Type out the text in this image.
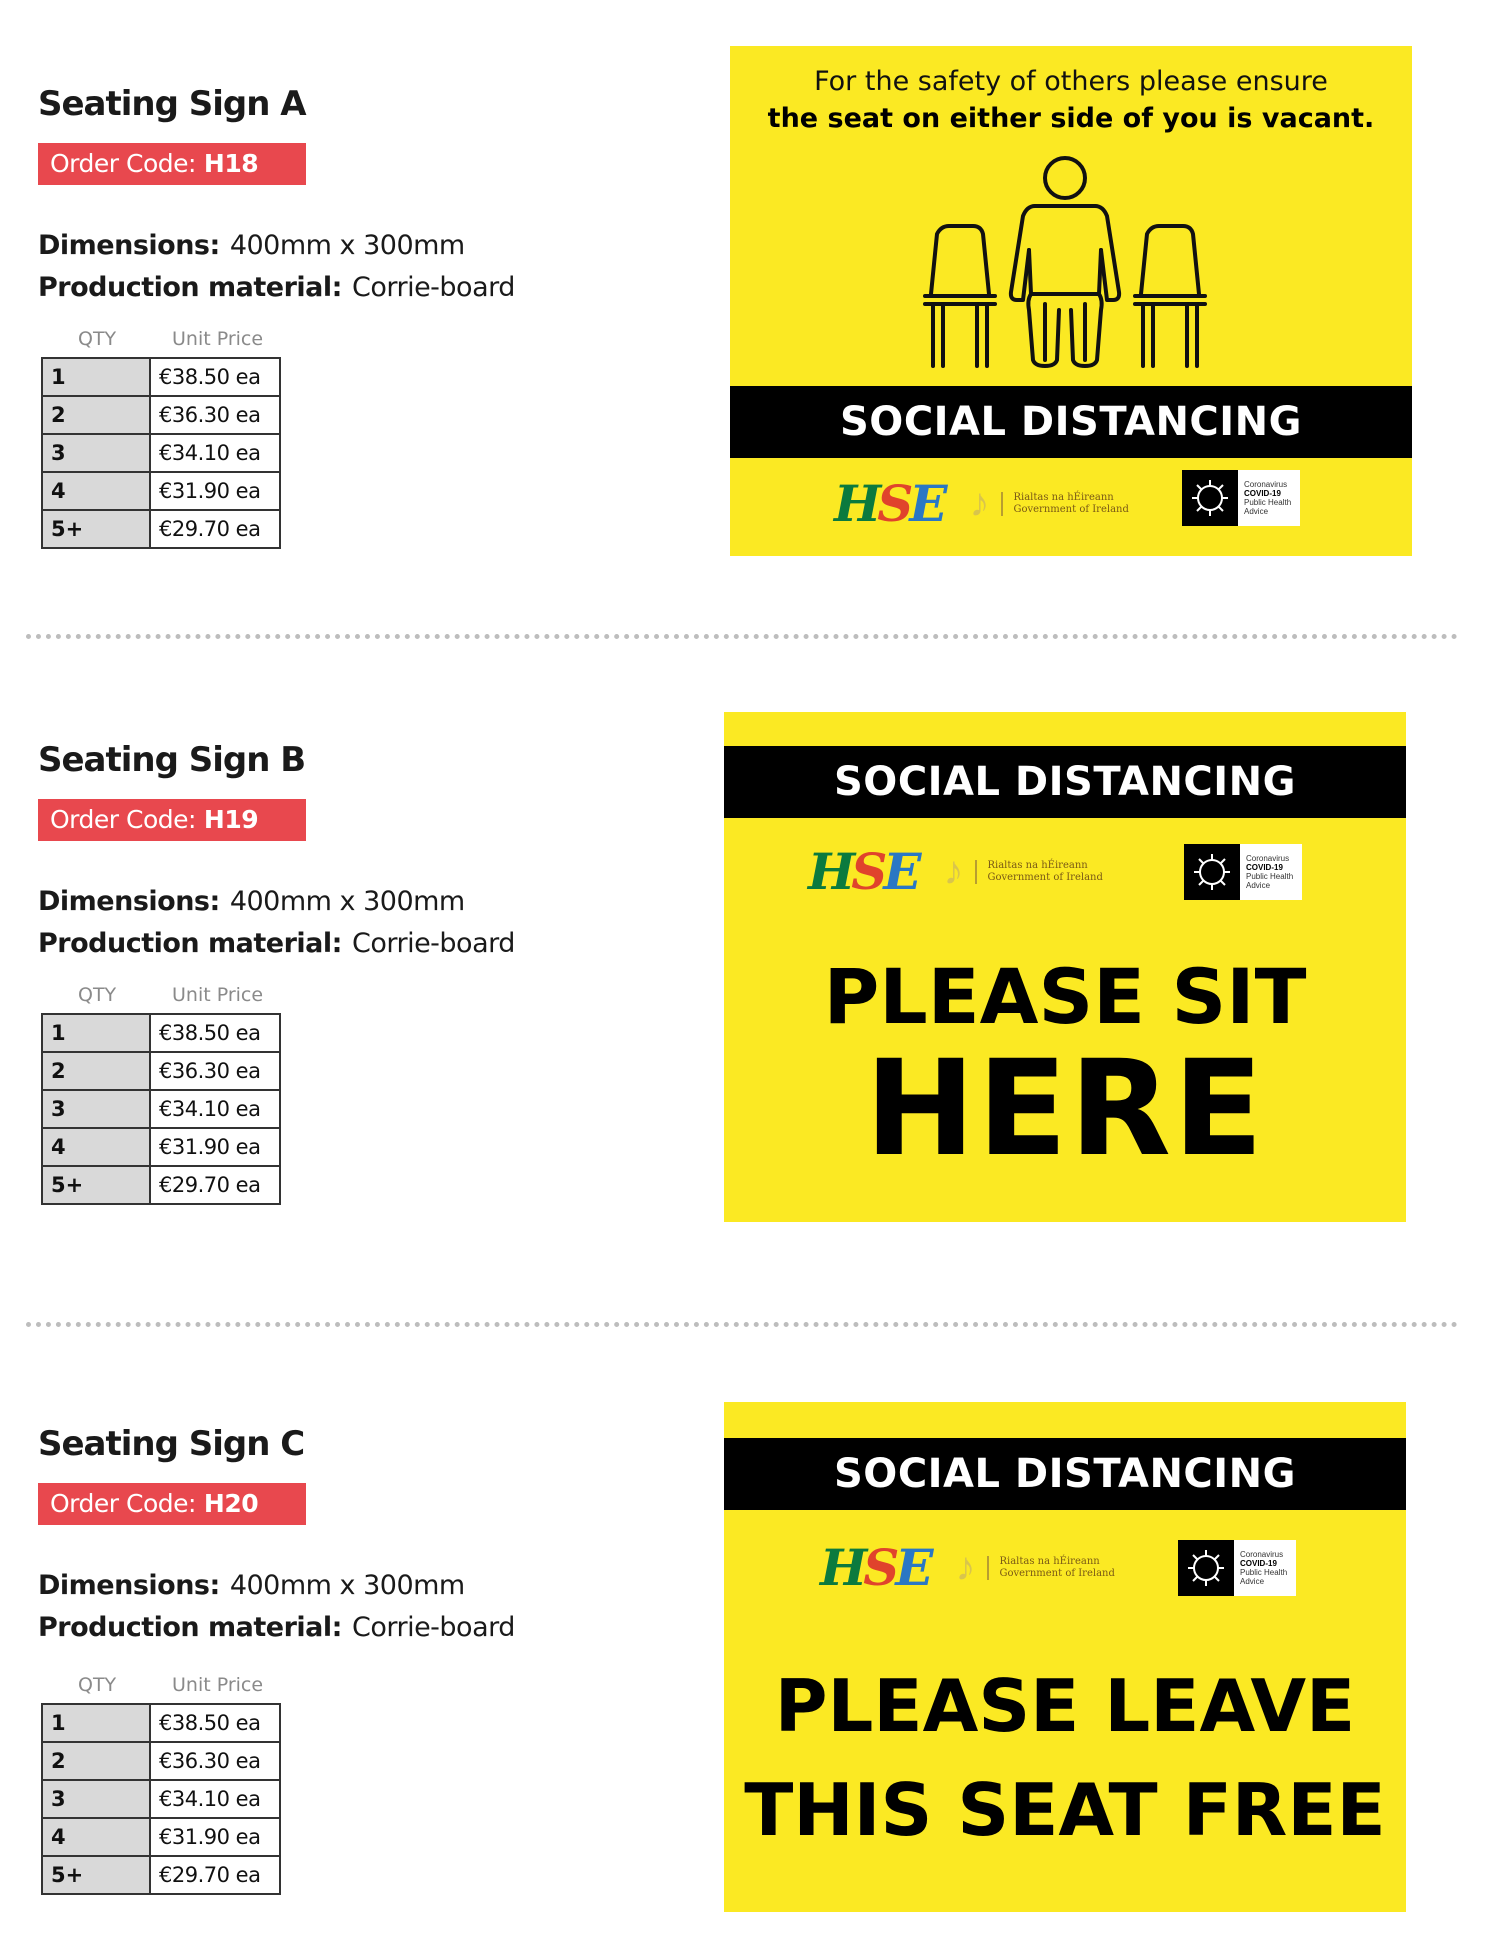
Seating Sign A
Order Code: H18
Dimensions: 400mm x 300mm
Production material: Corrie-board
QTY	Unit Price
1	€38.50 ea
2	€36.30 ea
3	€34.10 ea
4	€31.90 ea
5+	€29.70 ea
For the safety of others please ensure
the seat on either side of you is vacant.
SOCIAL DISTANCING
HSE ♪ Rialtas na hÉireann
Government of Ireland
Coronavirus
COVID-19
Public Health Advice
Seating Sign B
Order Code: H19
Dimensions: 400mm x 300mm
Production material: Corrie-board
QTY	Unit Price
1	€38.50 ea
2	€36.30 ea
3	€34.10 ea
4	€31.90 ea
5+	€29.70 ea
SOCIAL DISTANCING
HSE ♪ Rialtas na hÉireann
Government of Ireland
Coronavirus
COVID-19
Public Health Advice
PLEASE SIT
HERE
Seating Sign C
Order Code: H20
Dimensions: 400mm x 300mm
Production material: Corrie-board
QTY	Unit Price
1	€38.50 ea
2	€36.30 ea
3	€34.10 ea
4	€31.90 ea
5+	€29.70 ea
SOCIAL DISTANCING
HSE ♪ Rialtas na hÉireann
Government of Ireland
Coronavirus
COVID-19
Public Health Advice
PLEASE LEAVE
THIS SEAT FREE
